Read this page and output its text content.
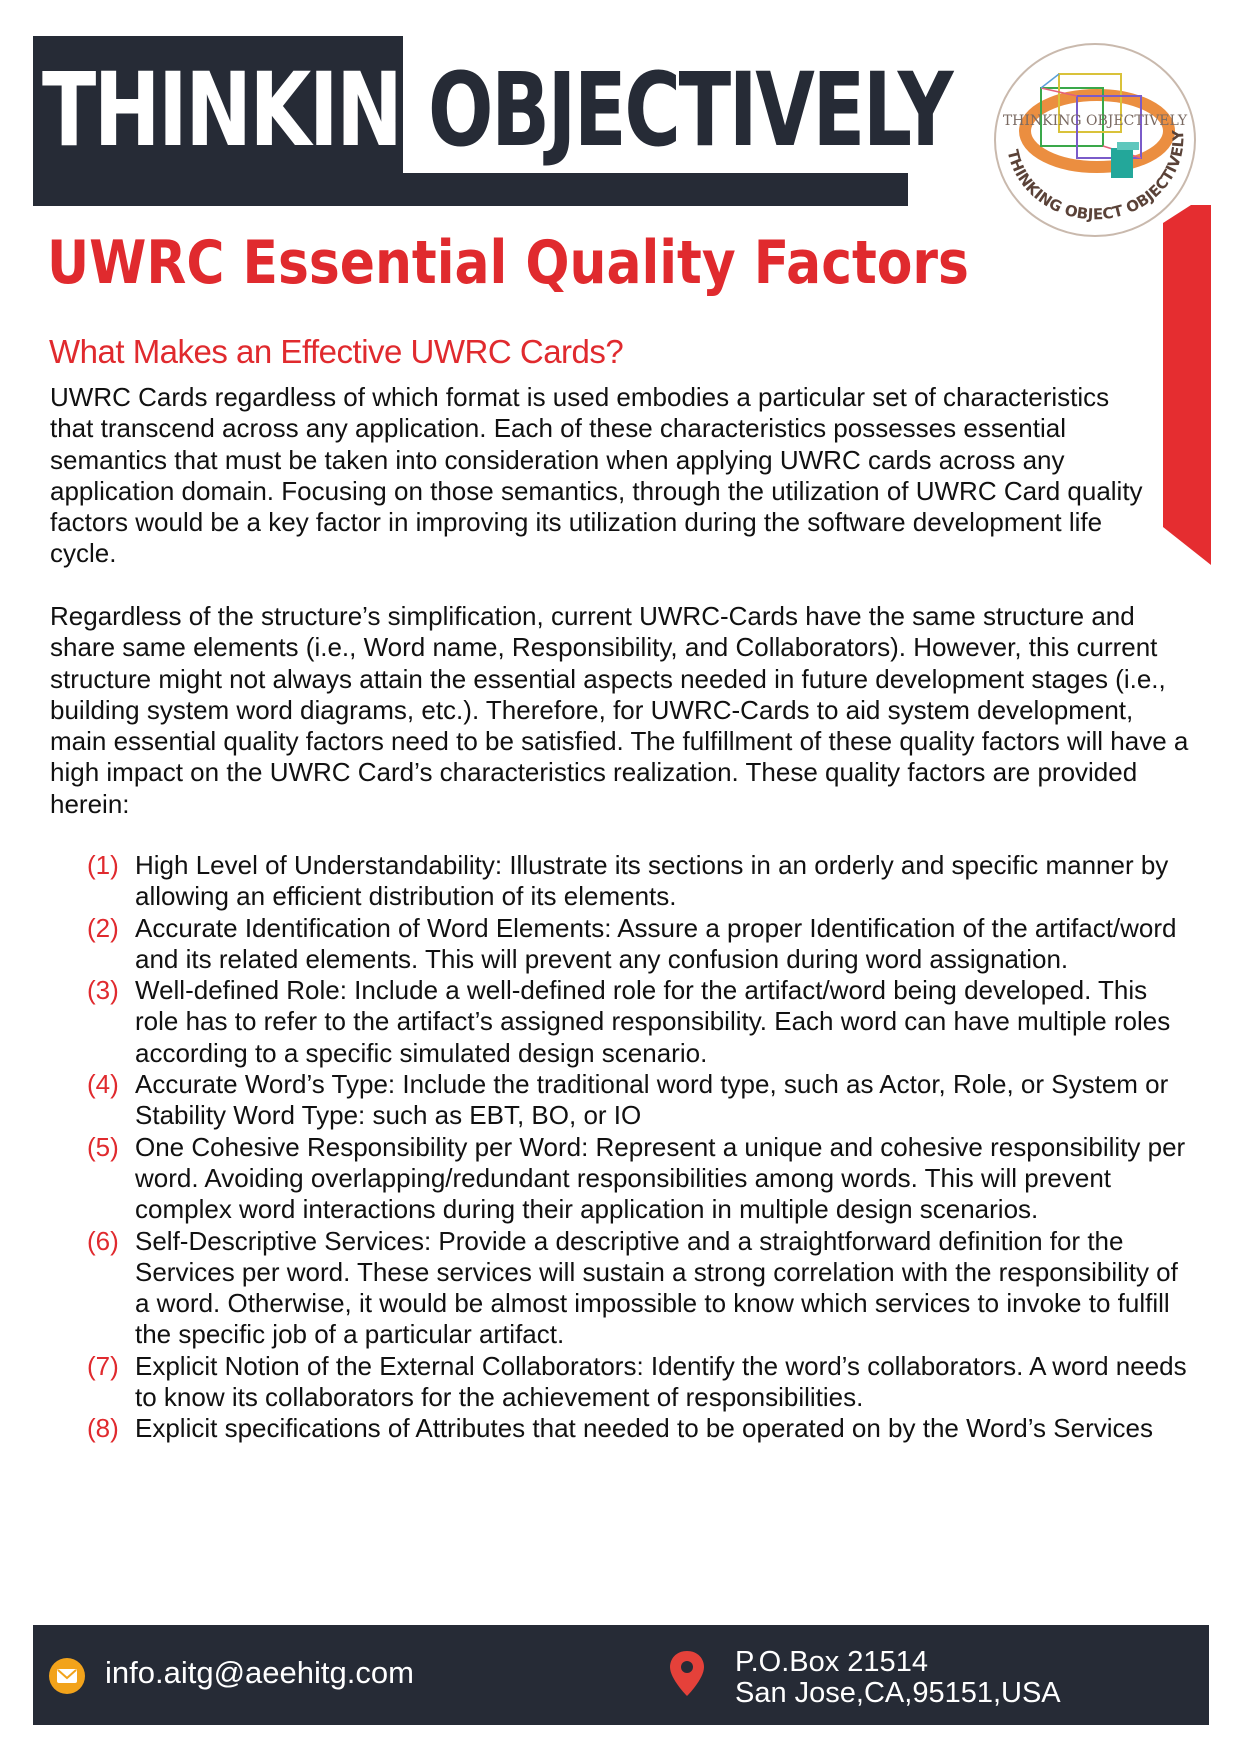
THINKING
OBJECTIVELY	THINKING OBJECTIVELY
THINKING OBJECT OBJECTIVELY
UWRC Essential Quality Factors
What Makes an Effective UWRC Cards?
UWRC Cards regardless of which format is used embodies a particular set of characteristics that transcend across any application. Each of these characteristics possesses essential semantics that must be taken into consideration when applying UWRC cards across any application domain. Focusing on those semantics, through the utilization of UWRC Card quality factors would be a key factor in improving its utilization during the software development life cycle.
Regardless of the structure’s simplification, current UWRC-Cards have the same structure and share same elements (i.e., Word name, Responsibility, and Collaborators). However, this current structure might not always attain the essential aspects needed in future development stages (i.e., building system word diagrams, etc.). Therefore, for UWRC-Cards to aid system development, main essential quality factors need to be satisfied. The fulfillment of these quality factors will have a high impact on the UWRC Card’s characteristics realization. These quality factors are provided herein:
(1) High Level of Understandability: Illustrate its sections in an orderly and specific manner by allowing an efficient distribution of its elements.
(2) Accurate Identification of Word Elements: Assure a proper Identification of the artifact/word and its related elements. This will prevent any confusion during word assignation.
(3) Well-defined Role: Include a well-defined role for the artifact/word being developed. This role has to refer to the artifact’s assigned responsibility. Each word can have multiple roles according to a specific simulated design scenario.
(4) Accurate Word’s Type: Include the traditional word type, such as Actor, Role, or System or Stability Word Type: such as EBT, BO, or IO
(5) One Cohesive Responsibility per Word: Represent a unique and cohesive responsibility per word. Avoiding overlapping/redundant responsibilities among words. This will prevent complex word interactions during their application in multiple design scenarios.
(6) Self-Descriptive Services: Provide a descriptive and a straightforward definition for the Services per word. These services will sustain a strong correlation with the responsibility of a word. Otherwise, it would be almost impossible to know which services to invoke to fulfill the specific job of a particular artifact.
(7) Explicit Notion of the External Collaborators: Identify the word’s collaborators. A word needs to know its collaborators for the achievement of responsibilities.
(8) Explicit specifications of Attributes that needed to be operated on by the Word’s Services
info.aitg@aeehitg.com	P.O.Box 21514
San Jose,CA,95151,USA
